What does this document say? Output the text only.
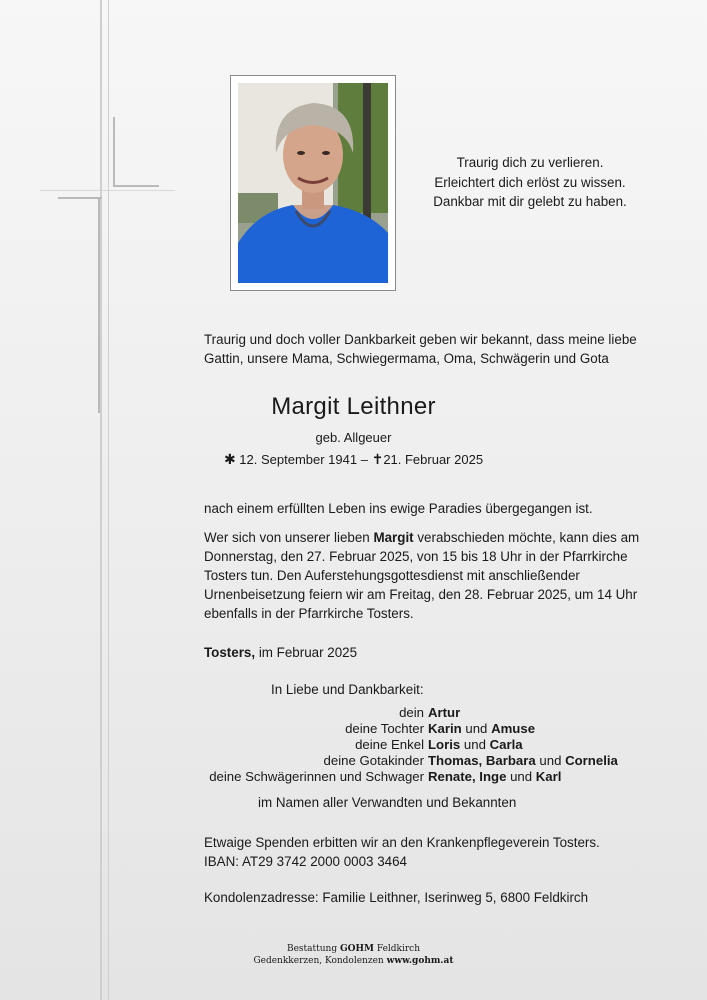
Traurig dich zu verlieren.
Erleichtert dich erlöst zu wissen.
Dankbar mit dir gelebt zu haben.
Traurig und doch voller Dankbarkeit geben wir bekannt, dass meine liebe
Gattin, unsere Mama, Schwiegermama, Oma, Schwägerin und Gota
Margit Leithner
geb. Allgeuer
✱ 12. September 1941 – ✝21. Februar 2025
nach einem erfüllten Leben ins ewige Paradies übergegangen ist.
Wer sich von unserer lieben Margit verabschieden möchte, kann dies am
Donnerstag, den 27. Februar 2025, von 15 bis 18 Uhr in der Pfarrkirche
Tosters tun. Den Auferstehungsgottesdienst mit anschließender
Urnenbeisetzung feiern wir am Freitag, den 28. Februar 2025, um 14 Uhr
ebenfalls in der Pfarrkirche Tosters.
Tosters, im Februar 2025
In Liebe und Dankbarkeit:
dein Artur
deine Tochter Karin und Amuse
deine Enkel Loris und Carla
deine Gotakinder Thomas, Barbara und Cornelia
deine Schwägerinnen und Schwager Renate, Inge und Karl
im Namen aller Verwandten und Bekannten
Etwaige Spenden erbitten wir an den Krankenpflegeverein Tosters.
IBAN: AT29 3742 2000 0003 3464
Kondolenzadresse: Familie Leithner, Iserinweg 5, 6800 Feldkirch
Bestattung GOHM Feldkirch
Gedenkkerzen, Kondolenzen www.gohm.at
